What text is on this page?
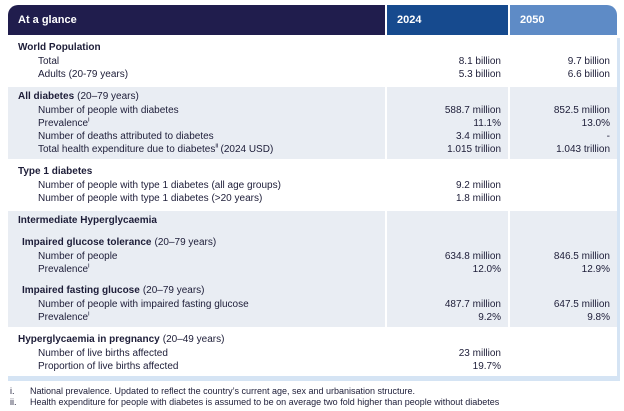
At a glance	2024	2050
World Population
Total	8.1 billion	9.7 billion
Adults (20-79 years)	5.3 billion	6.6 billion
All diabetes (20–79 years)
Number of people with diabetes	588.7 million	852.5 million
Prevalence$^i$	11.1%	13.0%
Number of deaths attributed to diabetes	3.4 million	-
Total health expenditure due to diabetes$^{ii}$ (2024 USD)	1.015 trillion	1.043 trillion
Type 1 diabetes
Number of people with type 1 diabetes (all age groups)	9.2 million
Number of people with type 1 diabetes (>20 years)	1.8 million
Intermediate Hyperglycaemia
Impaired glucose tolerance (20–79 years)
Number of people	634.8 million	846.5 million
Prevalence$^i$	12.0%	12.9%
Impaired fasting glucose (20–79 years)
Number of people with impaired fasting glucose	487.7 million	647.5 million
Prevalence$^i$	9.2%	9.8%
Hyperglycaemia in pregnancy (20–49 years)
Number of live births affected	23 million
Proportion of live births affected	19.7%
i.	National prevalence. Updated to reflect the country’s current age, sex and urbanisation structure.
ii.	Health expenditure for people with diabetes is assumed to be on average two fold higher than people without diabetes
